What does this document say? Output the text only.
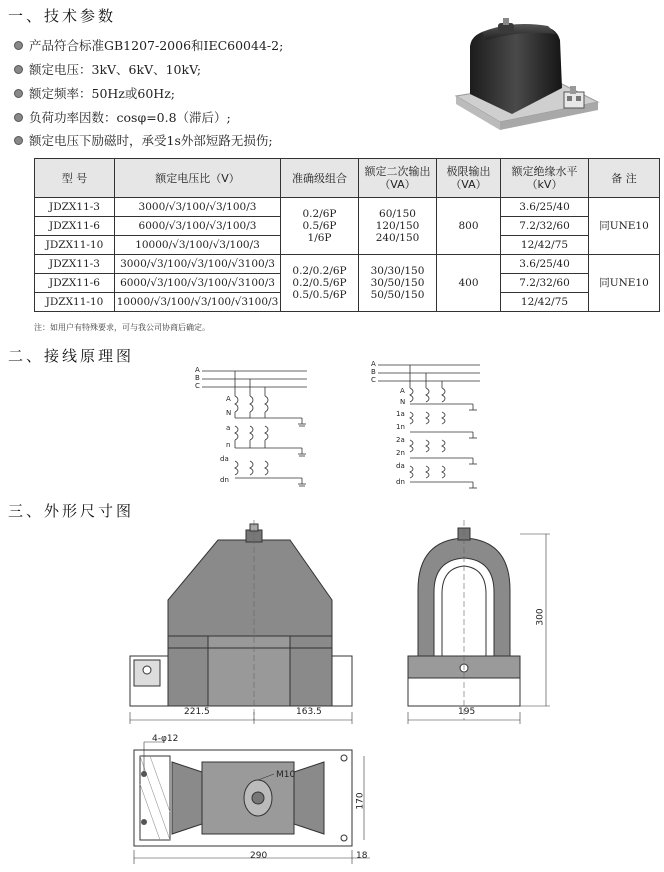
一、技术参数
二、接线原理图
三、外形尺寸图
产品符合标准GB1207-2006和IEC60044-2;
额定电压：3kV、6kV、10kV;
额定频率：50Hz或60Hz;
负荷功率因数：cosφ=0.8（滞后）;
额定电压下励磁时，承受1s外部短路无损伤;
型 号	额定电压比（V）	准确级组合	额定二次输出（VA）	极限输出（VA）	额定绝缘水平（kV）	备 注
JDZX11-3	3000/√3/100/√3/100/3	0.2/6P
0.5/6P
1/6P	60/150
120/150
240/150	800	3.6/25/40	同UNE10
JDZX11-6	6000/√3/100/√3/100/3				7.2/32/60	
JDZX11-10	10000/√3/100/√3/100/3				12/42/75	
JDZX11-3	3000/√3/100/√3/100/√3100/3	0.2/0.2/6P
0.2/0.5/6P
0.5/0.5/6P	30/30/150
30/50/150
50/50/150	400	3.6/25/40	同UNE10
JDZX11-6	6000/√3/100/√3/100/√3100/3				7.2/32/60	
JDZX11-10	10000/√3/100/√3/100/√3100/3				12/42/75	
注：如用户有特殊要求，可与我公司协商后确定。
A
B
C
A
N
a
n
da
dn
A
B
C
A
N
1a
1n
2a
2n
da
dn
221.5	163.5	195
300
4-φ12
M10
290	18
170
